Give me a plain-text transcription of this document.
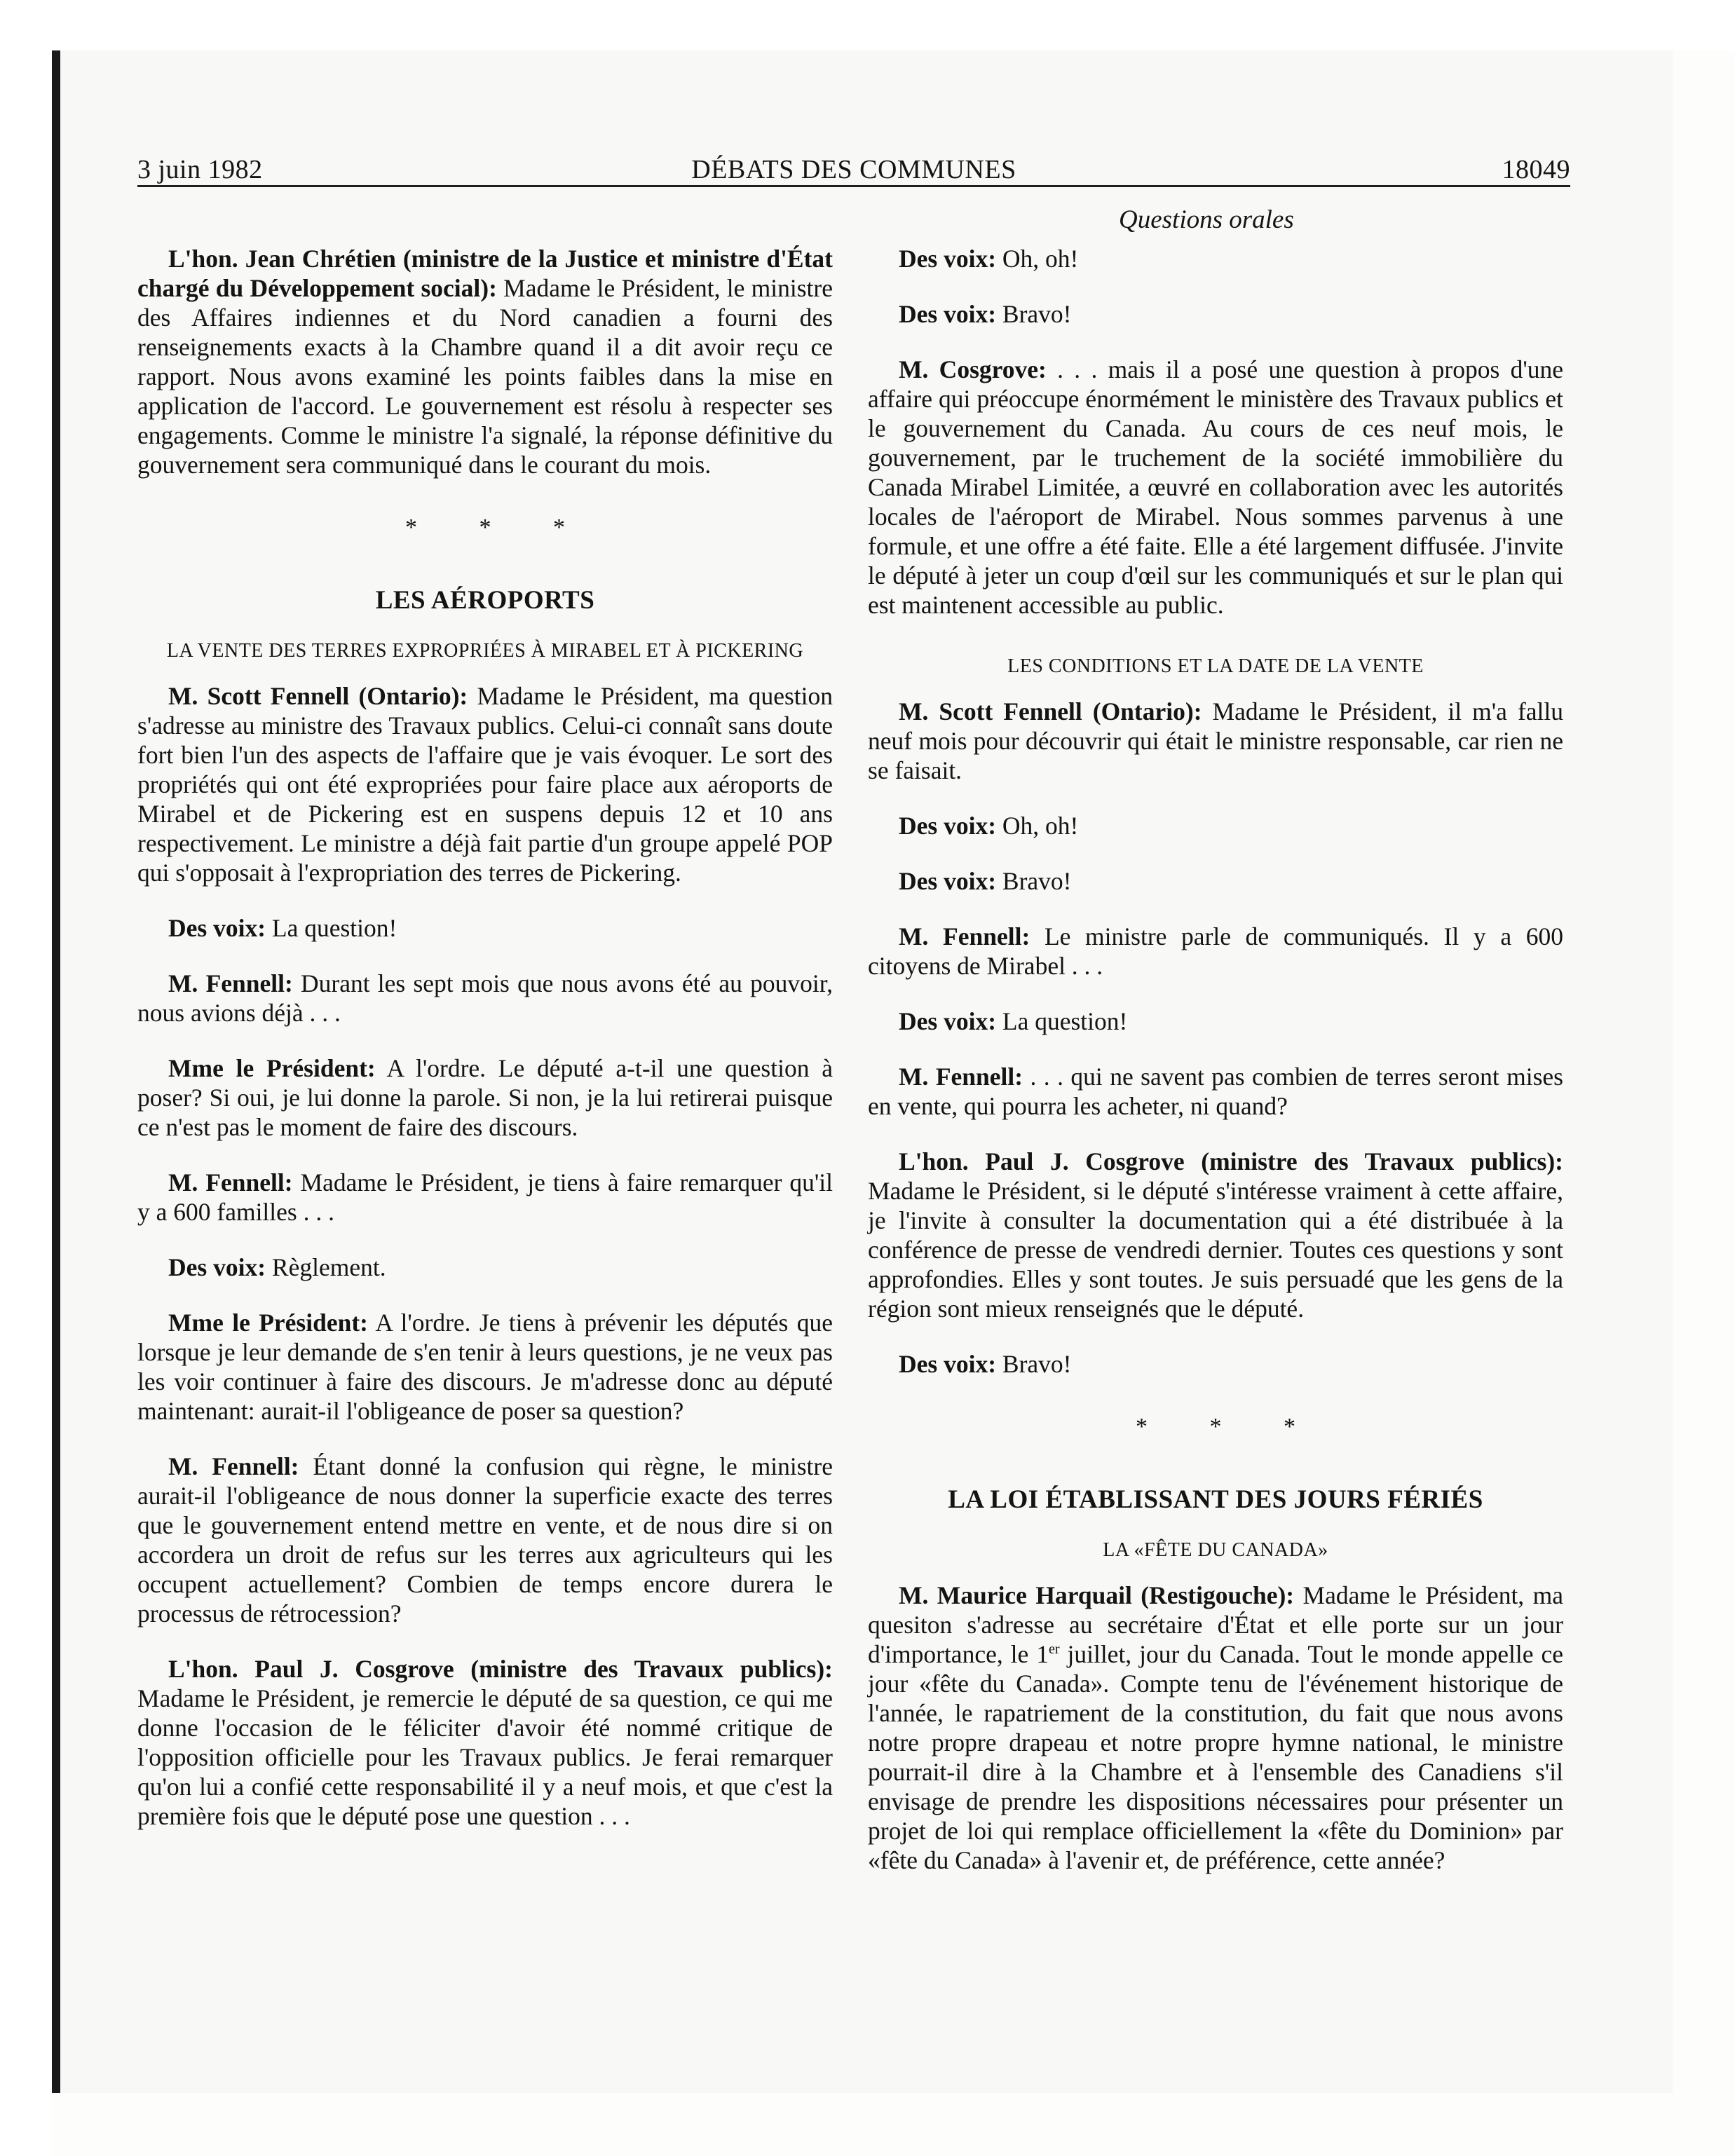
3 juin 1982	DÉBATS DES COMMUNES	18049
Questions orales

L'hon. Jean Chrétien (ministre de la Justice et ministre d'État chargé du Développement social): Madame le Président, le ministre des Affaires indiennes et du Nord canadien a fourni des renseignements exacts à la Chambre quand il a dit avoir reçu ce rapport. Nous avons examiné les points faibles dans la mise en application de l'accord. Le gouvernement est résolu à respecter ses engagements. Comme le ministre l'a signalé, la réponse définitive du gouvernement sera communiqué dans le courant du mois.

* * *
LES AÉROPORTS
LA VENTE DES TERRES EXPROPRIÉES À MIRABEL ET À PICKERING

M. Scott Fennell (Ontario): Madame le Président, ma question s'adresse au ministre des Travaux publics. Celui-ci connaît sans doute fort bien l'un des aspects de l'affaire que je vais évoquer. Le sort des propriétés qui ont été expropriées pour faire place aux aéroports de Mirabel et de Pickering est en suspens depuis 12 et 10 ans respectivement. Le ministre a déjà fait partie d'un groupe appelé POP qui s'opposait à l'expropriation des terres de Pickering.

Des voix: La question!

M. Fennell: Durant les sept mois que nous avons été au pouvoir, nous avions déjà . . .

Mme le Président: A l'ordre. Le député a-t-il une question à poser? Si oui, je lui donne la parole. Si non, je la lui retirerai puisque ce n'est pas le moment de faire des discours.

M. Fennell: Madame le Président, je tiens à faire remarquer qu'il y a 600 familles . . .

Des voix: Règlement.

Mme le Président: A l'ordre. Je tiens à prévenir les députés que lorsque je leur demande de s'en tenir à leurs questions, je ne veux pas les voir continuer à faire des discours. Je m'adresse donc au député maintenant: aurait-il l'obligeance de poser sa question?

M. Fennell: Étant donné la confusion qui règne, le ministre aurait-il l'obligeance de nous donner la superficie exacte des terres que le gouvernement entend mettre en vente, et de nous dire si on accordera un droit de refus sur les terres aux agriculteurs qui les occupent actuellement? Combien de temps encore durera le processus de rétrocession?

L'hon. Paul J. Cosgrove (ministre des Travaux publics): Madame le Président, je remercie le député de sa question, ce qui me donne l'occasion de le féliciter d'avoir été nommé critique de l'opposition officielle pour les Travaux publics. Je ferai remarquer qu'on lui a confié cette responsabilité il y a neuf mois, et que c'est la première fois que le député pose une question . . .

Des voix: Oh, oh!

Des voix: Bravo!

M. Cosgrove: . . . mais il a posé une question à propos d'une affaire qui préoccupe énormément le ministère des Travaux publics et le gouvernement du Canada. Au cours de ces neuf mois, le gouvernement, par le truchement de la société immobilière du Canada Mirabel Limitée, a œuvré en collaboration avec les autorités locales de l'aéroport de Mirabel. Nous sommes parvenus à une formule, et une offre a été faite. Elle a été largement diffusée. J'invite le député à jeter un coup d'œil sur les communiqués et sur le plan qui est maintenent accessible au public.

LES CONDITIONS ET LA DATE DE LA VENTE

M. Scott Fennell (Ontario): Madame le Président, il m'a fallu neuf mois pour découvrir qui était le ministre responsable, car rien ne se faisait.

Des voix: Oh, oh!

Des voix: Bravo!

M. Fennell: Le ministre parle de communiqués. Il y a 600 citoyens de Mirabel . . .

Des voix: La question!

M. Fennell: . . . qui ne savent pas combien de terres seront mises en vente, qui pourra les acheter, ni quand?

L'hon. Paul J. Cosgrove (ministre des Travaux publics): Madame le Président, si le député s'intéresse vraiment à cette affaire, je l'invite à consulter la documentation qui a été distribuée à la conférence de presse de vendredi dernier. Toutes ces questions y sont approfondies. Elles y sont toutes. Je suis persuadé que les gens de la région sont mieux renseignés que le député.

Des voix: Bravo!

* * *
LA LOI ÉTABLISSANT DES JOURS FÉRIÉS
LA «FÊTE DU CANADA»

M. Maurice Harquail (Restigouche): Madame le Président, ma quesiton s'adresse au secrétaire d'État et elle porte sur un jour d'importance, le 1er juillet, jour du Canada. Tout le monde appelle ce jour «fête du Canada». Compte tenu de l'événement historique de l'année, le rapatriement de la constitution, du fait que nous avons notre propre drapeau et notre propre hymne national, le ministre pourrait-il dire à la Chambre et à l'ensemble des Canadiens s'il envisage de prendre les dispositions nécessaires pour présenter un projet de loi qui remplace officiellement la «fête du Dominion» par «fête du Canada» à l'avenir et, de préférence, cette année?
